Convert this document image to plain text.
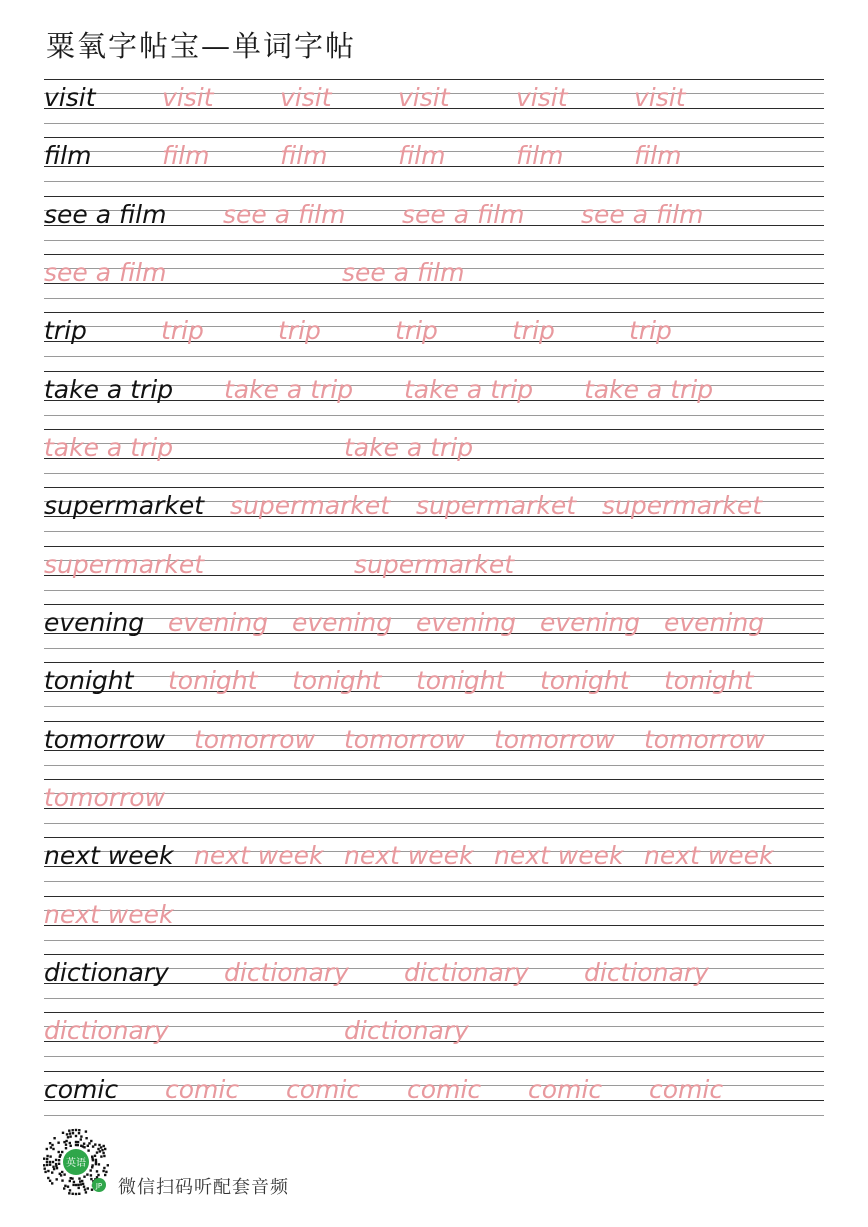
粟氧字帖宝—单词字帖
visit	visit	visit	visit	visit	visit
film	film	film	film	film	film
see a film see a film see a film see a film
see a film	see a film
trip	trip	trip	trip	trip	trip
take a trip take a trip take a trip take a trip
take a trip	take a trip
supermarket supermarket supermarket supermarket
supermarket	supermarket
evening evening evening evening evening evening
tonight tonight tonight tonight tonight tonight
tomorrow tomorrow tomorrow tomorrow tomorrow
tomorrow
next week next week next week next week next week
next week
dictionary dictionary dictionary dictionary
dictionary	dictionary
comic comic comic comic comic comic
英语
JP 微信扫码听配套音频
